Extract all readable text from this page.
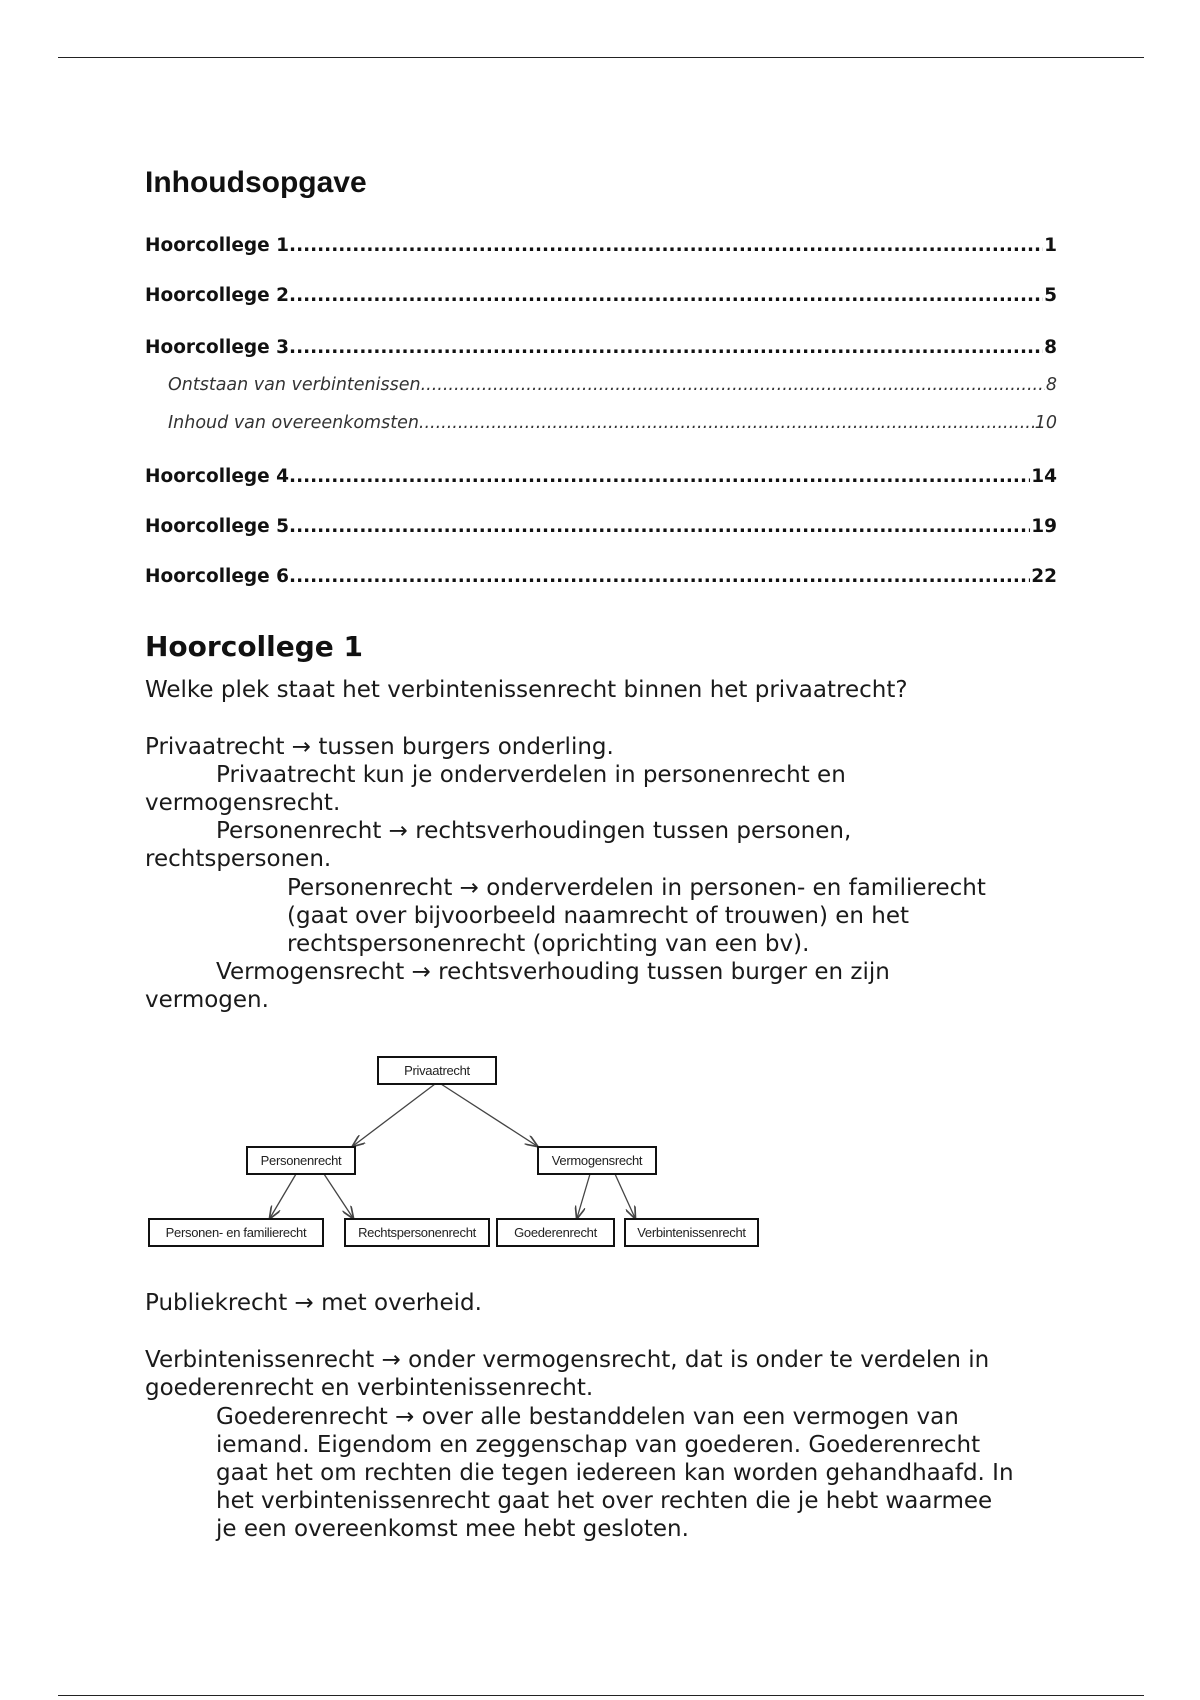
Inhoudsopgave
Hoorcollege 1 .....	1
Hoorcollege 2 .....	5
Hoorcollege 3 .....	8
Ontstaan van verbintenissen .....	8
Inhoud van overeenkomsten .....	10
Hoorcollege 4 .....	14
Hoorcollege 5 .....	19
Hoorcollege 6 .....	22
Hoorcollege 1

Welke plek staat het verbintenissenrecht binnen het privaatrecht?

Privaatrecht → tussen burgers onderling.

Privaatrecht kun je onderverdelen in personenrecht en

vermogensrecht.

Personenrecht → rechtsverhoudingen tussen personen,

rechtspersonen.

Personenrecht → onderverdelen in personen- en familierecht

(gaat over bijvoorbeeld naamrecht of trouwen) en het

rechtspersonenrecht (oprichting van een bv).

Vermogensrecht → rechtsverhouding tussen burger en zijn

vermogen.

Privaatrecht
Personenrecht	Vermogensrecht
Personen- en familierecht	Rechtspersonenrecht	Goederenrecht	Verbintenissenrecht

Publiekrecht → met overheid.

Verbintenissenrecht → onder vermogensrecht, dat is onder te verdelen in

goederenrecht en verbintenissenrecht.

Goederenrecht → over alle bestanddelen van een vermogen van

iemand. Eigendom en zeggenschap van goederen. Goederenrecht

gaat het om rechten die tegen iedereen kan worden gehandhaafd. In

het verbintenissenrecht gaat het over rechten die je hebt waarmee

je een overeenkomst mee hebt gesloten.
